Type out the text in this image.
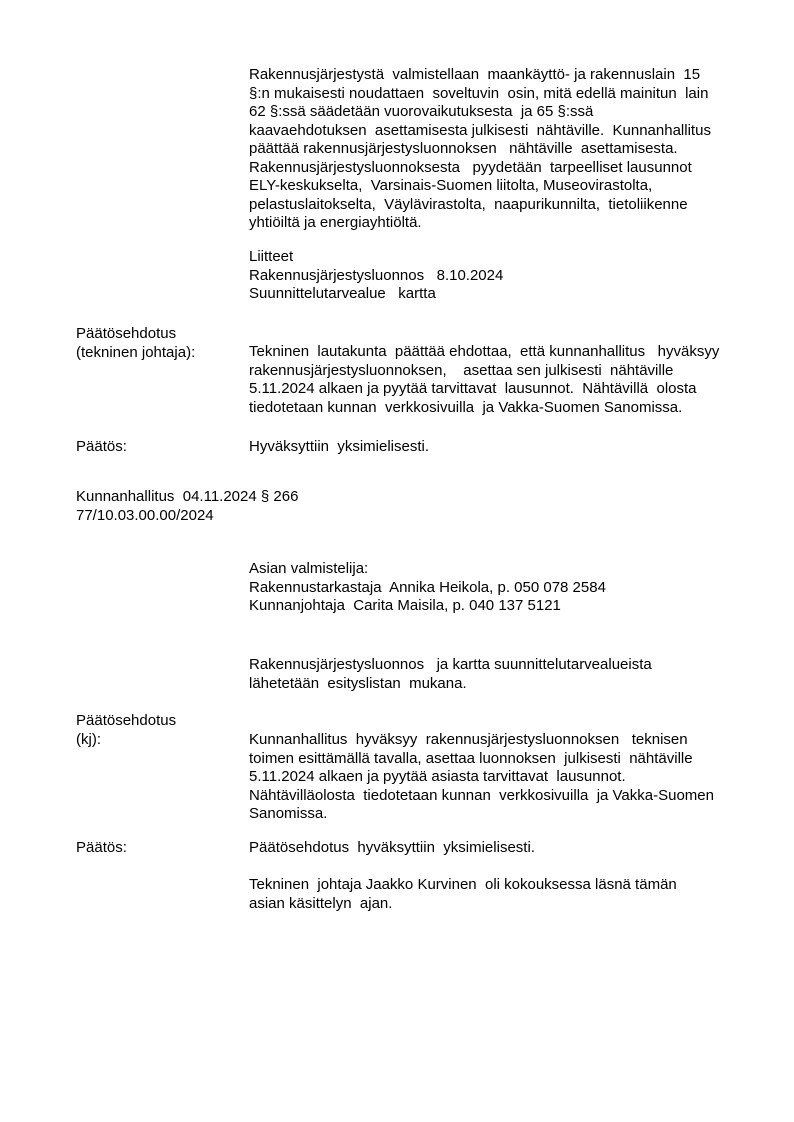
Rakennusjärjestystä  valmistellaan  maankäyttö- ja rakennuslain  15
§:n mukaisesti noudattaen  soveltuvin  osin, mitä edellä mainitun  lain
62 §:ssä säädetään vuorovaikutuksesta  ja 65 §:ssä
kaavaehdotuksen  asettamisesta julkisesti  nähtäville.  Kunnanhallitus
päättää rakennusjärjestysluonnoksen   nähtäville  asettamisesta.
Rakennusjärjestysluonnoksesta   pyydetään  tarpeelliset lausunnot
ELY-keskukselta,  Varsinais-Suomen liitolta, Museovirastolta,
pelastuslaitokselta,  Väylävirastolta,  naapurikunnilta,  tietoliikenne
yhtiöiltä ja energiayhtiöltä.
Liitteet
Rakennusjärjestysluonnos   8.10.2024
Suunnittelutarvealue   kartta
Päätösehdotus
(tekninen johtaja):	Tekninen  lautakunta  päättää ehdottaa,  että kunnanhallitus   hyväksyy
rakennusjärjestysluonnoksen,    asettaa sen julkisesti  nähtäville
5.11.2024 alkaen ja pyytää tarvittavat  lausunnot.  Nähtävillä  olosta
tiedotetaan kunnan  verkkosivuilla  ja Vakka-Suomen Sanomissa.
Päätös:	Hyväksyttiin  yksimielisesti.
Kunnanhallitus  04.11.2024 § 266
77/10.03.00.00/2024
Asian valmistelija:
Rakennustarkastaja  Annika Heikola, p. 050 078 2584
Kunnanjohtaja  Carita Maisila, p. 040 137 5121
Rakennusjärjestysluonnos   ja kartta suunnittelutarvealueista
lähetetään  esityslistan  mukana.
Päätösehdotus
(kj):	Kunnanhallitus  hyväksyy  rakennusjärjestysluonnoksen   teknisen
toimen esittämällä tavalla, asettaa luonnoksen  julkisesti  nähtäville
5.11.2024 alkaen ja pyytää asiasta tarvittavat  lausunnot.
Nähtävilläolosta  tiedotetaan kunnan  verkkosivuilla  ja Vakka-Suomen
Sanomissa.
Päätös:	Päätösehdotus  hyväksyttiin  yksimielisesti.
Tekninen  johtaja Jaakko Kurvinen  oli kokouksessa läsnä tämän
asian käsittelyn  ajan.
